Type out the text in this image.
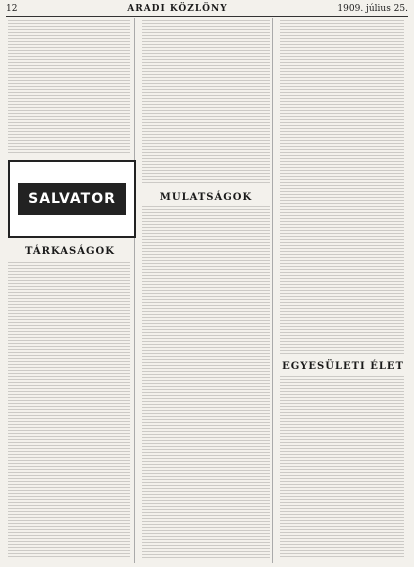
12	ARADI KÖZLÖNY	1909. július 25.
SALVATOR
TÁRKASÁGOK
MULATSÁGOK
EGYESÜLETI ÉLET
